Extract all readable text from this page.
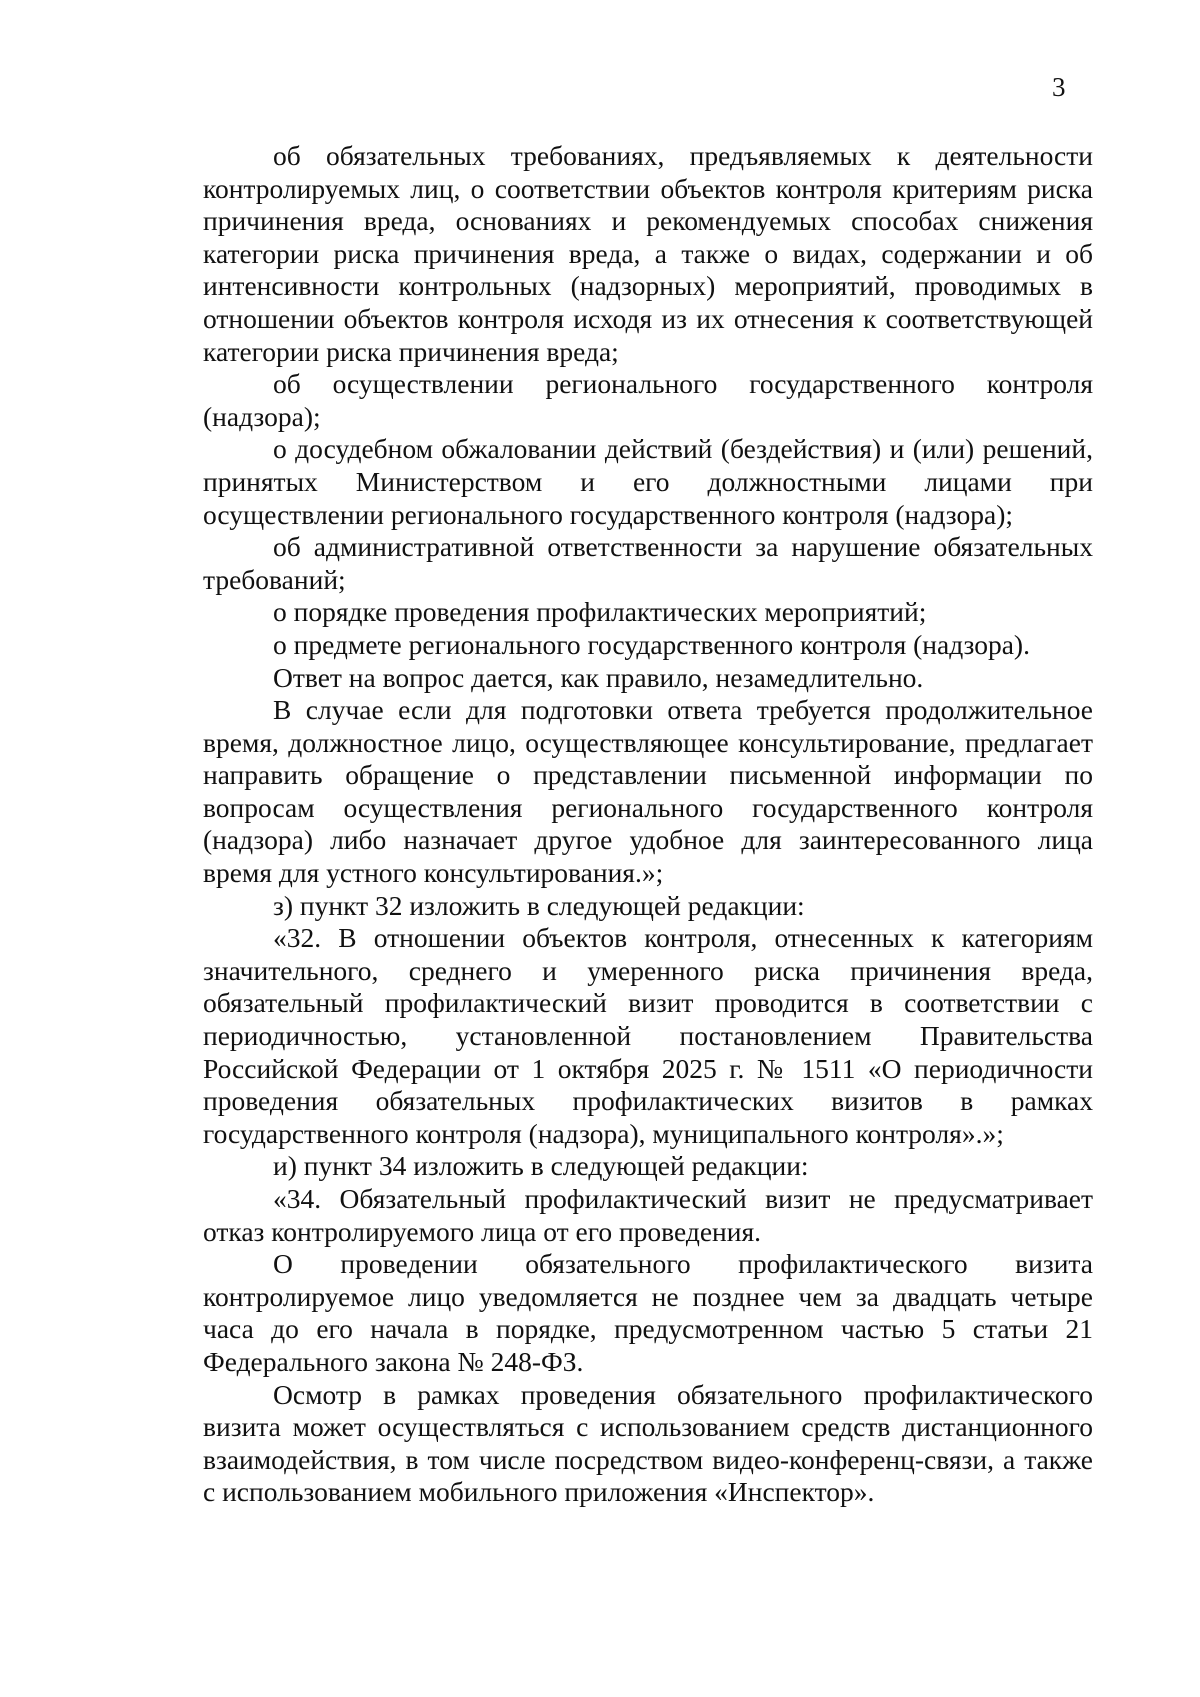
3

об обязательных требованиях, предъявляемых к деятельности контролируемых лиц, о соответствии объектов контроля критериям риска причинения вреда, основаниях и рекомендуемых способах снижения категории риска причинения вреда, а также о видах, содержании и об интенсивности контрольных (надзорных) мероприятий, проводимых в отношении объектов контроля исходя из их отнесения к соответствующей категории риска причинения вреда;

об осуществлении регионального государственного контроля (надзора);

о досудебном обжаловании действий (бездействия) и (или) решений, принятых Министерством и его должностными лицами при осуществлении регионального государственного контроля (надзора);

об административной ответственности за нарушение обязательных требований;

о порядке проведения профилактических мероприятий;

о предмете регионального государственного контроля (надзора).

Ответ на вопрос дается, как правило, незамедлительно.

В случае если для подготовки ответа требуется продолжительное время, должностное лицо, осуществляющее консультирование, предлагает направить обращение о представлении письменной информации по вопросам осуществления регионального государственного контроля (надзора) либо назначает другое удобное для заинтересованного лица время для устного консультирования.»;

з) пункт 32 изложить в следующей редакции:

«32. В отношении объектов контроля, отнесенных к категориям значительного, среднего и умеренного риска причинения вреда, обязательный профилактический визит проводится в соответствии с периодичностью, установленной постановлением Правительства Российской Федерации от 1 октября 2025 г. № 1511 «О периодичности проведения обязательных профилактических визитов в рамках государственного контроля (надзора), муниципального контроля».»;

и) пункт 34 изложить в следующей редакции:

«34. Обязательный профилактический визит не предусматривает отказ контролируемого лица от его проведения.

О проведении обязательного профилактического визита контролируемое лицо уведомляется не позднее чем за двадцать четыре часа до его начала в порядке, предусмотренном частью 5 статьи 21 Федерального закона № 248-ФЗ.

Осмотр в рамках проведения обязательного профилактического визита может осуществляться с использованием средств дистанционного взаимодействия, в том числе посредством видео-конференц-связи, а также с использованием мобильного приложения «Инспектор».
